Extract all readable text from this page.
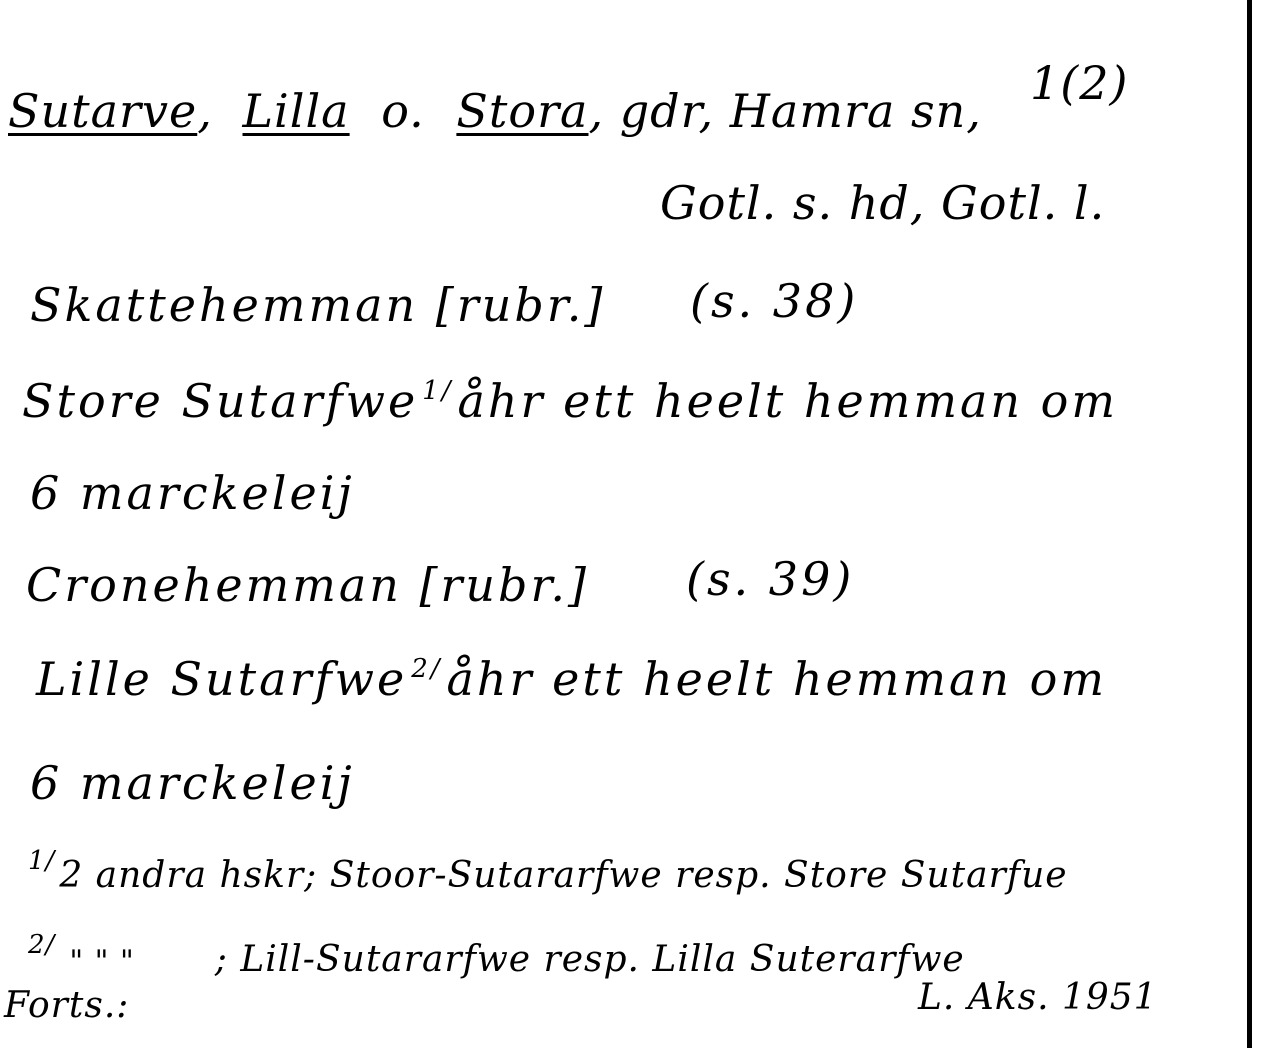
Sutarve, Lilla o. Stora, gdr, Hamra sn,
1(2)
Gotl. s. hd, Gotl. l.
Skattehemman [rubr.] (s. 38)
Store Sutarfwe $^{1/}$åhr ett heelt hemman om
6 marckeleij
Cronehemman [rubr.] (s. 39)
Lille Sutarfwe $^{2/}$åhr ett heelt hemman om
6 marckeleij
$^{1/}$ 2 andra hskr; Stoor-Sutararfwe resp. Store Sutarfue
$^{2/}$ " " " ; Lill-Sutararfwe resp. Lilla Suterarfwe
Forts.:	L. Aks. 1951
